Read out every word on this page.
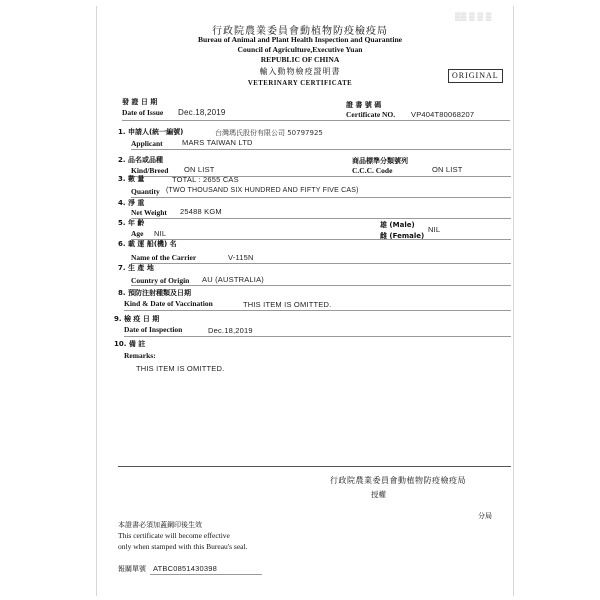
▒▒ ▒ ▒ ▒
行政院農業委員會動植物防疫檢疫局
Bureau of Animal and Plant Health Inspection and Quarantine
Council of Agriculture,Executive Yuan
REPUBLIC OF CHINA
輸入動物檢疫證明書
VETERINARY CERTIFICATE
ORIGINAL
發 證 日 期
Date of Issue Dec.18,2019
證 書 號 碼
Certificate NO. VP404T80068207
1. 申請人(統一編號)	台灣瑪氏股份有限公司 50797925
Applicant	MARS TAIWAN LTD
2. 品名或品種
Kind/Breed ON LIST
商品標準分類號列
C.C.C. Code	ON LIST
3. 數 量	TOTAL : 2655 CAS
Quantity (TWO THOUSAND SIX HUNDRED AND FIFTY FIVE CAS)
4. 淨 重
Net Weight 25488 KGM
5. 年 齡
Age NIL
雄 (Male)
雌 (Female)
NIL
6. 載 運 船(機) 名
Name of the Carrier	V-115N
7. 生 產 地
Country of Origin AU (AUSTRALIA)
8. 預防注射種類及日期
Kind & Date of Vaccination	THIS ITEM IS OMITTED.
9. 檢 疫 日 期
Date of Inspection	Dec.18,2019
10. 備 註
Remarks:
THIS ITEM IS OMITTED.
行政院農業委員會動植物防疫檢疫局
授權
分局
本證書必須加蓋鋼印後生效
This certificate will become effective
only when stamped with this Bureau's seal.
報關單號 ATBC0851430398
